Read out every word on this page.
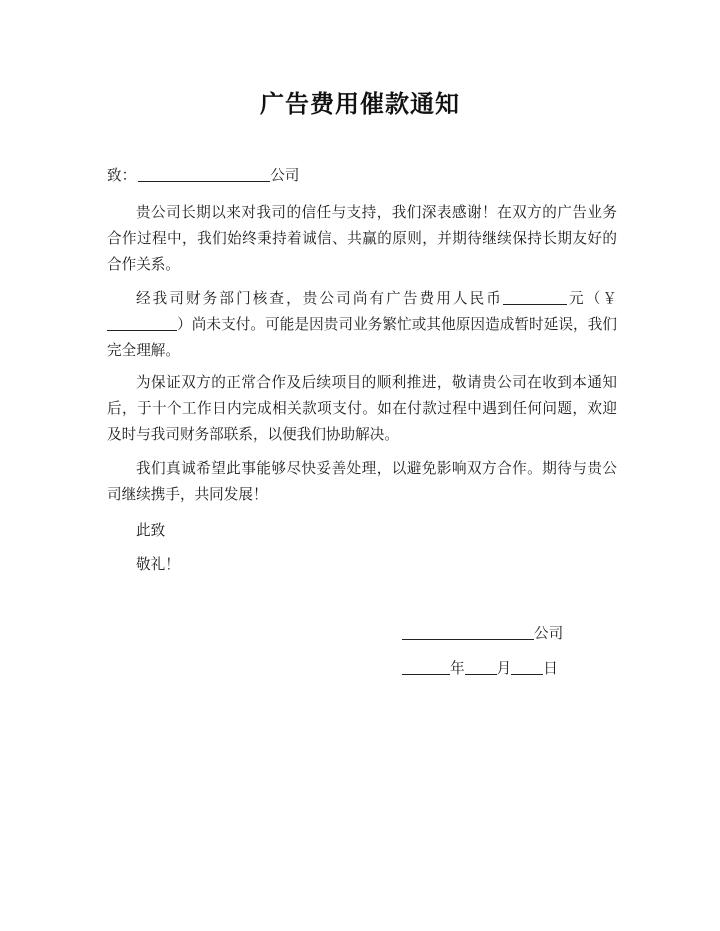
广告费用催款通知
致：	公司

贵公司长期以来对我司的信任与支持，我们深表感谢！在双方的广告业务合作过程中，我们始终秉持着诚信、共赢的原则，并期待继续保持长期友好的合作关系。

经我司财务部门核查，贵公司尚有广告费用人民币	元（￥）尚未支付。可能是因贵司业务繁忙或其他原因造成暂时延误，我们完全理解。

为保证双方的正常合作及后续项目的顺利推进，敬请贵公司在收到本通知后，于十个工作日内完成相关款项支付。如在付款过程中遇到任何问题，欢迎及时与我司财务部联系，以便我们协助解决。

我们真诚希望此事能够尽快妥善处理，以避免影响双方合作。期待与贵公司继续携手，共同发展！

此致
敬礼！
公司
年 月 日
